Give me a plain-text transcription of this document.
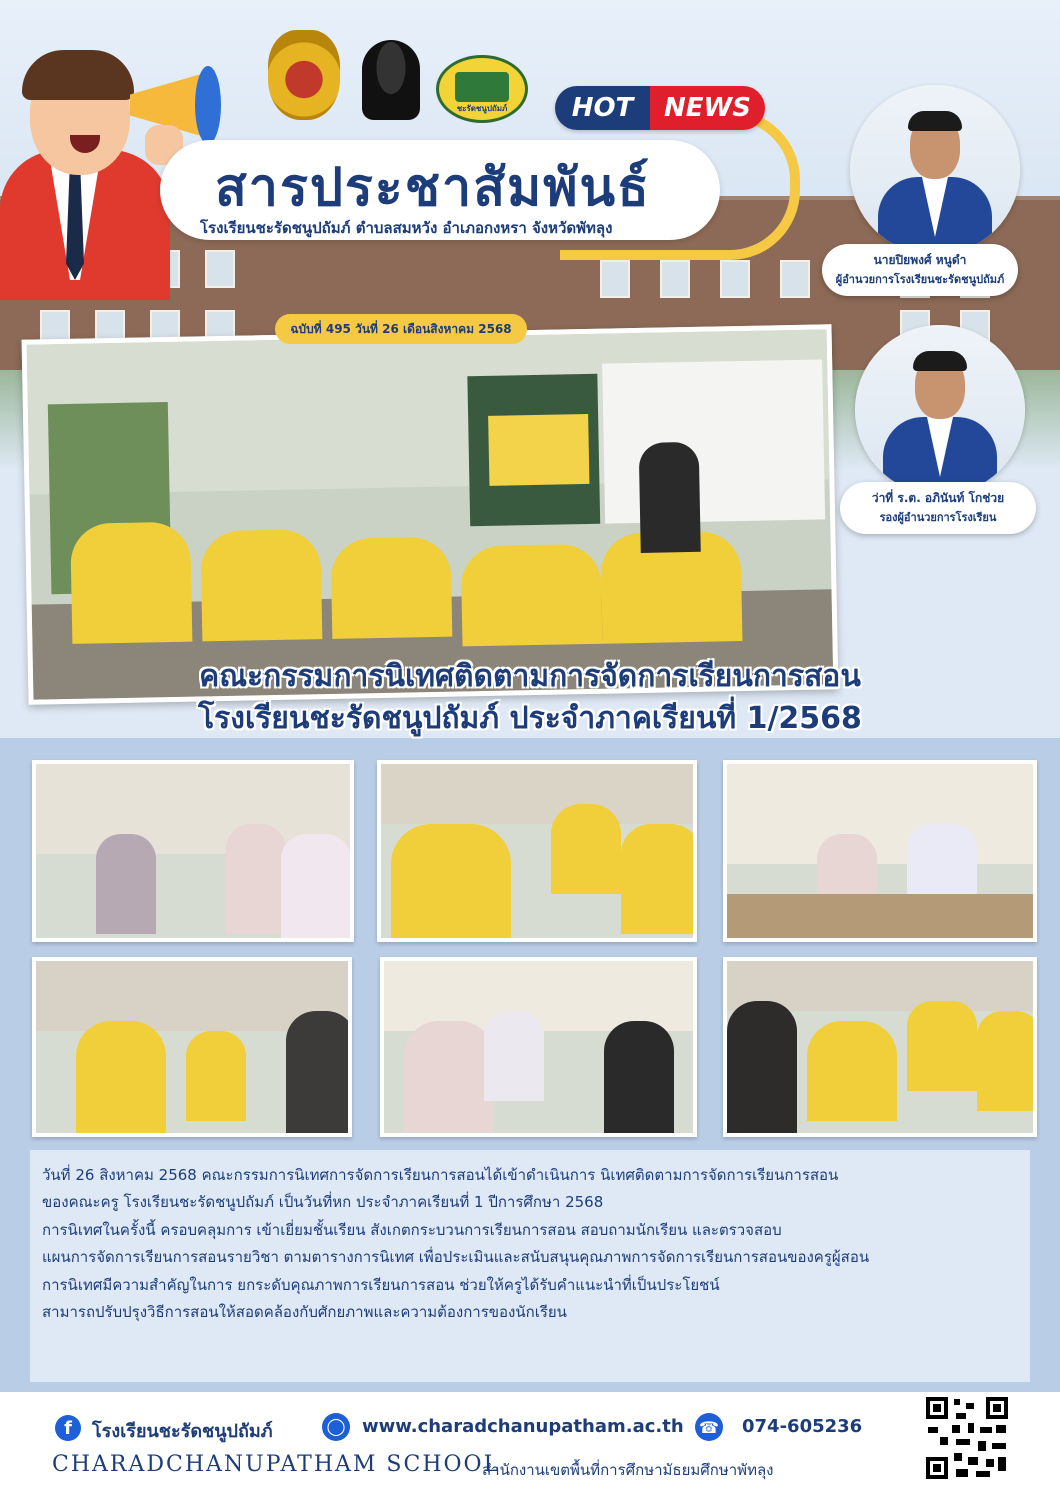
ชะรัดชนูปถัมภ์
สารประชาสัมพันธ์
โรงเรียนชะรัดชนูปถัมภ์ ตำบลสมหวัง อำเภอกงหรา จังหวัดพัทลุง
HOT	NEWS
ฉบับที่ 495 วันที่ 26 เดือนสิงหาคม 2568
นายปิยพงศ์ หนูดำ
ผู้อำนวยการโรงเรียนชะรัดชนูปถัมภ์
ว่าที่ ร.ต. อภินันท์ โกช่วย
รองผู้อำนวยการโรงเรียน
คณะกรรมการนิเทศติดตามการจัดการเรียนการสอน
โรงเรียนชะรัดชนูปถัมภ์ ประจำภาคเรียนที่ 1/2568

วันที่ 26 สิงหาคม 2568 คณะกรรมการนิเทศการจัดการเรียนการสอนได้เข้าดำเนินการ นิเทศติดตามการจัดการเรียนการสอน

ของคณะครู โรงเรียนชะรัดชนูปถัมภ์ เป็นวันที่หก ประจำภาคเรียนที่ 1 ปีการศึกษา 2568

การนิเทศในครั้งนี้ ครอบคลุมการ เข้าเยี่ยมชั้นเรียน สังเกตกระบวนการเรียนการสอน สอบถามนักเรียน และตรวจสอบ

แผนการจัดการเรียนการสอนรายวิชา ตามตารางการนิเทศ เพื่อประเมินและสนับสนุนคุณภาพการจัดการเรียนการสอนของครูผู้สอน

การนิเทศมีความสำคัญในการ ยกระดับคุณภาพการเรียนการสอน ช่วยให้ครูได้รับคำแนะนำที่เป็นประโยชน์

สามารถปรับปรุงวิธีการสอนให้สอดคล้องกับศักยภาพและความต้องการของนักเรียน

f	โรงเรียนชะรัดชนูปถัมภ์	◯ www.charadchanupatham.ac.th ☎ 074-605236
CHARADCHANUPATHAM SCHOOL
สำนักงานเขตพื้นที่การศึกษามัธยมศึกษาพัทลุง
